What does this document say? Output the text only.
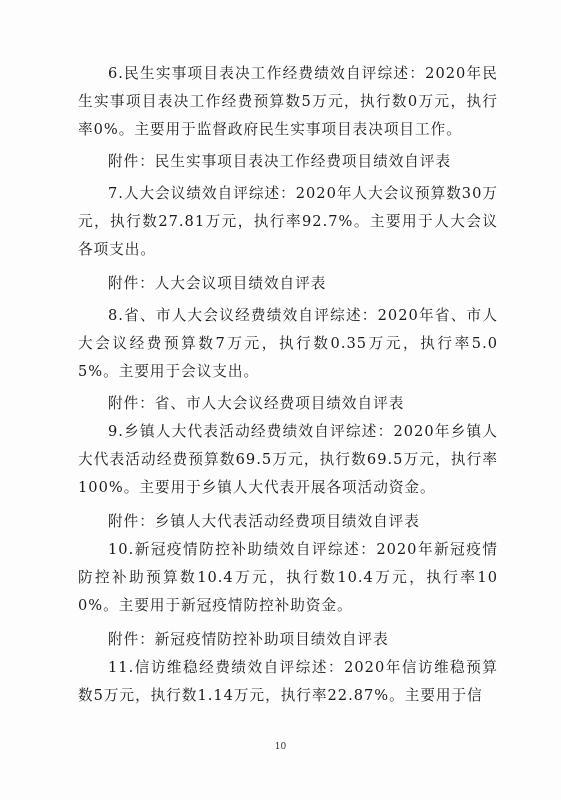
6.民生实事项目表决工作经费绩效自评综述：2020年民生实事项目表决工作经费预算数5万元，执行数0万元，执行率0%。主要用于监督政府民生实事项目表决项目工作。

附件：民生实事项目表决工作经费项目绩效自评表

7.人大会议绩效自评综述：2020年人大会议预算数30万元，执行数27.81万元，执行率92.7%。主要用于人大会议各项支出。

附件：人大会议项目绩效自评表

8.省、市人大会议经费绩效自评综述：2020年省、市人大会议经费预算数7万元，执行数0.35万元，执行率5.05%。主要用于会议支出。

附件：省、市人大会议经费项目绩效自评表

9.乡镇人大代表活动经费绩效自评综述：2020年乡镇人大代表活动经费预算数69.5万元，执行数69.5万元，执行率100%。主要用于乡镇人大代表开展各项活动资金。

附件：乡镇人大代表活动经费项目绩效自评表

10.新冠疫情防控补助绩效自评综述：2020年新冠疫情防控补助预算数10.4万元，执行数10.4万元，执行率100%。主要用于新冠疫情防控补助资金。

附件：新冠疫情防控补助项目绩效自评表

11.信访维稳经费绩效自评综述：2020年信访维稳预算数5万元，执行数1.14万元，执行率22.87%。主要用于信

10
